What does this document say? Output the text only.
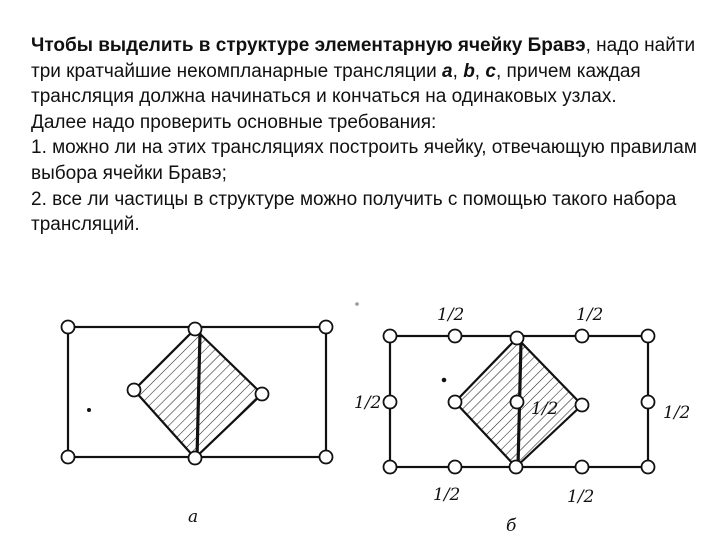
Чтобы выделить в структуре элементарную ячейку Бравэ, надо найти три кратчайшие некомпланарные трансляции a, b, c, причем каждая трансляция должна начинаться и кончаться на одинаковых узлах.

Далее надо проверить основные требования:

1. можно ли на этих трансляциях построить ячейку, отвечающую правилам выбора ячейки Бравэ;

2. все ли частицы в структуре можно получить с помощью такого набора трансляций.

а
1/2	1/2
1/2	1/2	1/2
1/2	1/2
б
